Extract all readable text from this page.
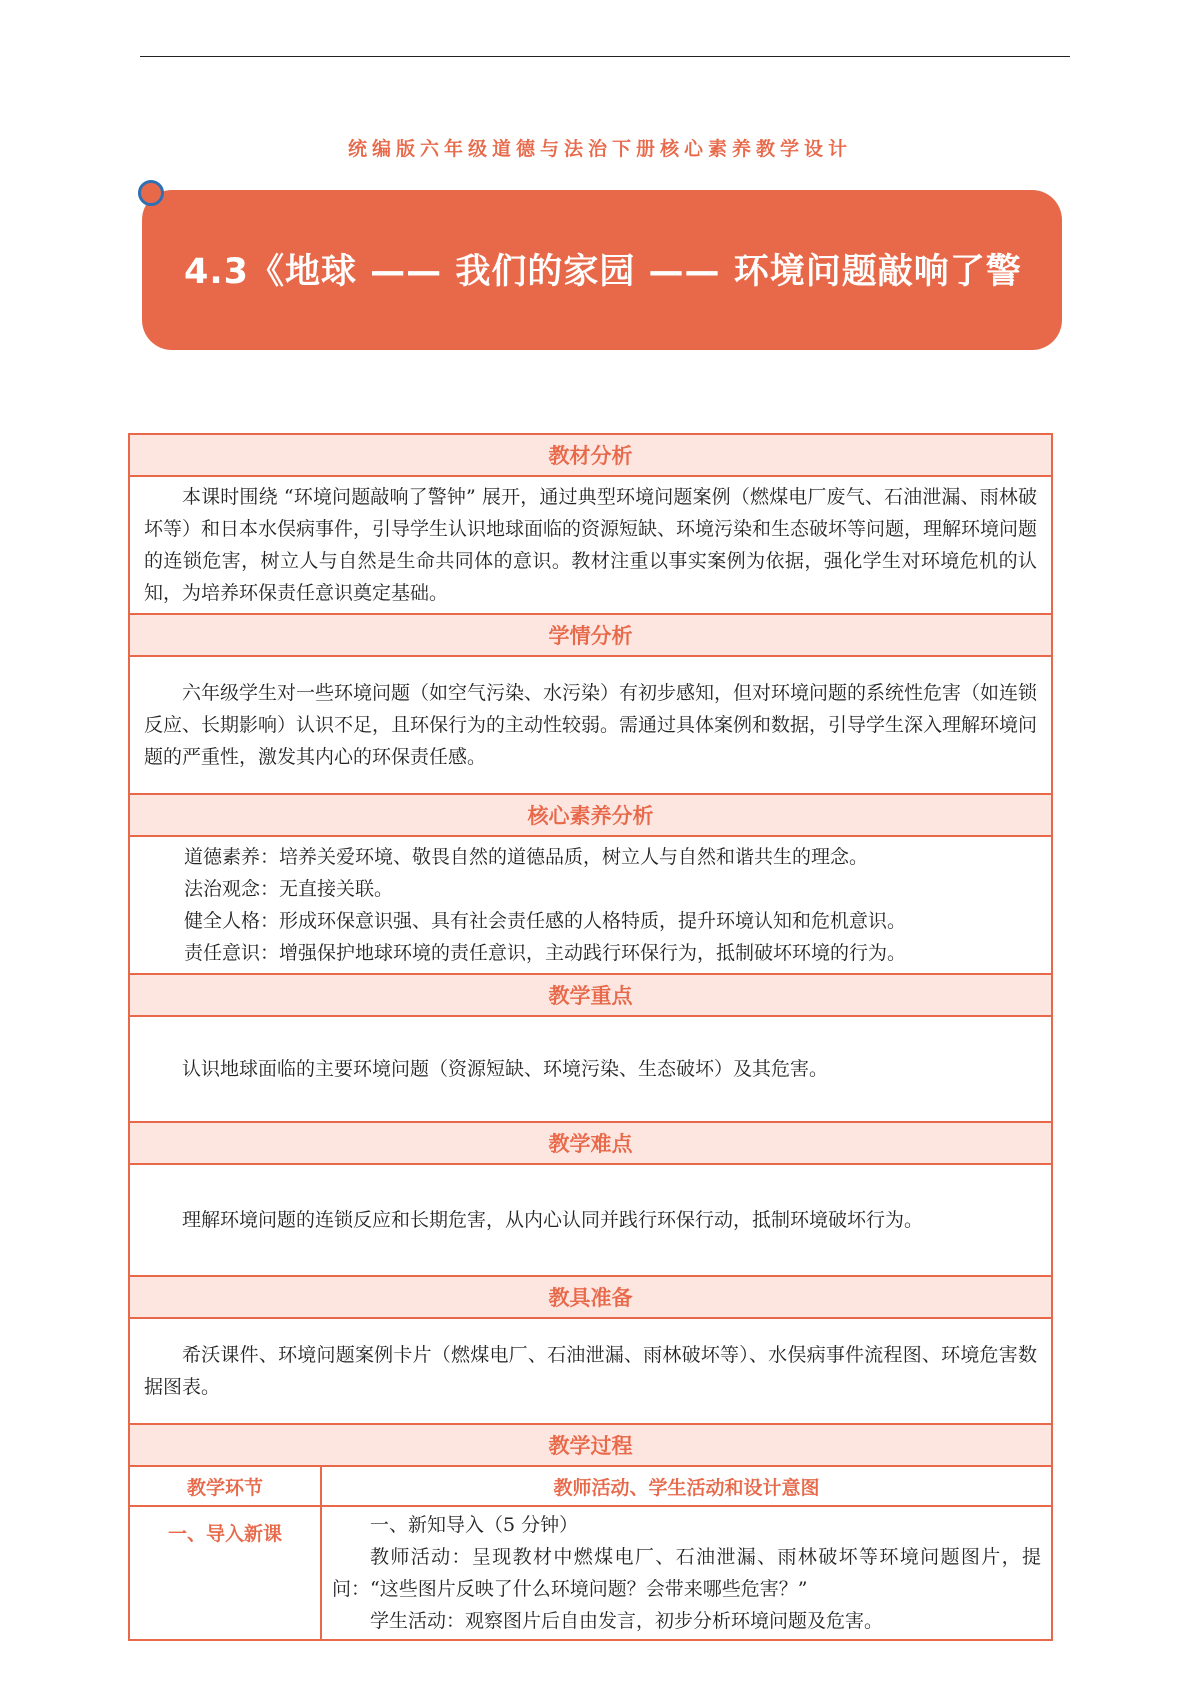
统编版六年级道德与法治下册核心素养教学设计
4.3《地球 —— 我们的家园 —— 环境问题敲响了警
教材分析	

本课时围绕 “环境问题敲响了警钟” 展开，通过典型环境问题案例（燃煤电厂废气、石油泄漏、雨林破坏等）和日本水俣病事件，引导学生认识地球面临的资源短缺、环境污染和生态破坏等问题，理解环境问题的连锁危害，树立人与自然是生命共同体的意识。教材注重以事实案例为依据，强化学生对环境危机的认知，为培养环保责任意识奠定基础。	

学情分析	

六年级学生对一些环境问题（如空气污染、水污染）有初步感知，但对环境问题的系统性危害（如连锁反应、长期影响）认识不足，且环保行为的主动性较弱。需通过具体案例和数据，引导学生深入理解环境问题的严重性，激发其内心的环保责任感。	

核心素养分析	

道德素养：培养关爱环境、敬畏自然的道德品质，树立人与自然和谐共生的理念。

法治观念：无直接关联。

健全人格：形成环保意识强、具有社会责任感的人格特质，提升环境认知和危机意识。

责任意识：增强保护地球环境的责任意识，主动践行环保行为，抵制破坏环境的行为。	

教学重点	

认识地球面临的主要环境问题（资源短缺、环境污染、生态破坏）及其危害。	

教学难点	

理解环境问题的连锁反应和长期危害，从内心认同并践行环保行动，抵制环境破坏行为。	

教具准备	

希沃课件、环境问题案例卡片（燃煤电厂、石油泄漏、雨林破坏等）、水俣病事件流程图、环境危害数据图表。	

教学过程	
教学环节	教师活动、学生活动和设计意图
一、导入新课	一、新知导入（5 分钟）

教师活动：呈现教材中燃煤电厂、石油泄漏、雨林破坏等环境问题图片，提问：“这些图片反映了什么环境问题？会带来哪些危害？”

学生活动：观察图片后自由发言，初步分析环境问题及危害。
